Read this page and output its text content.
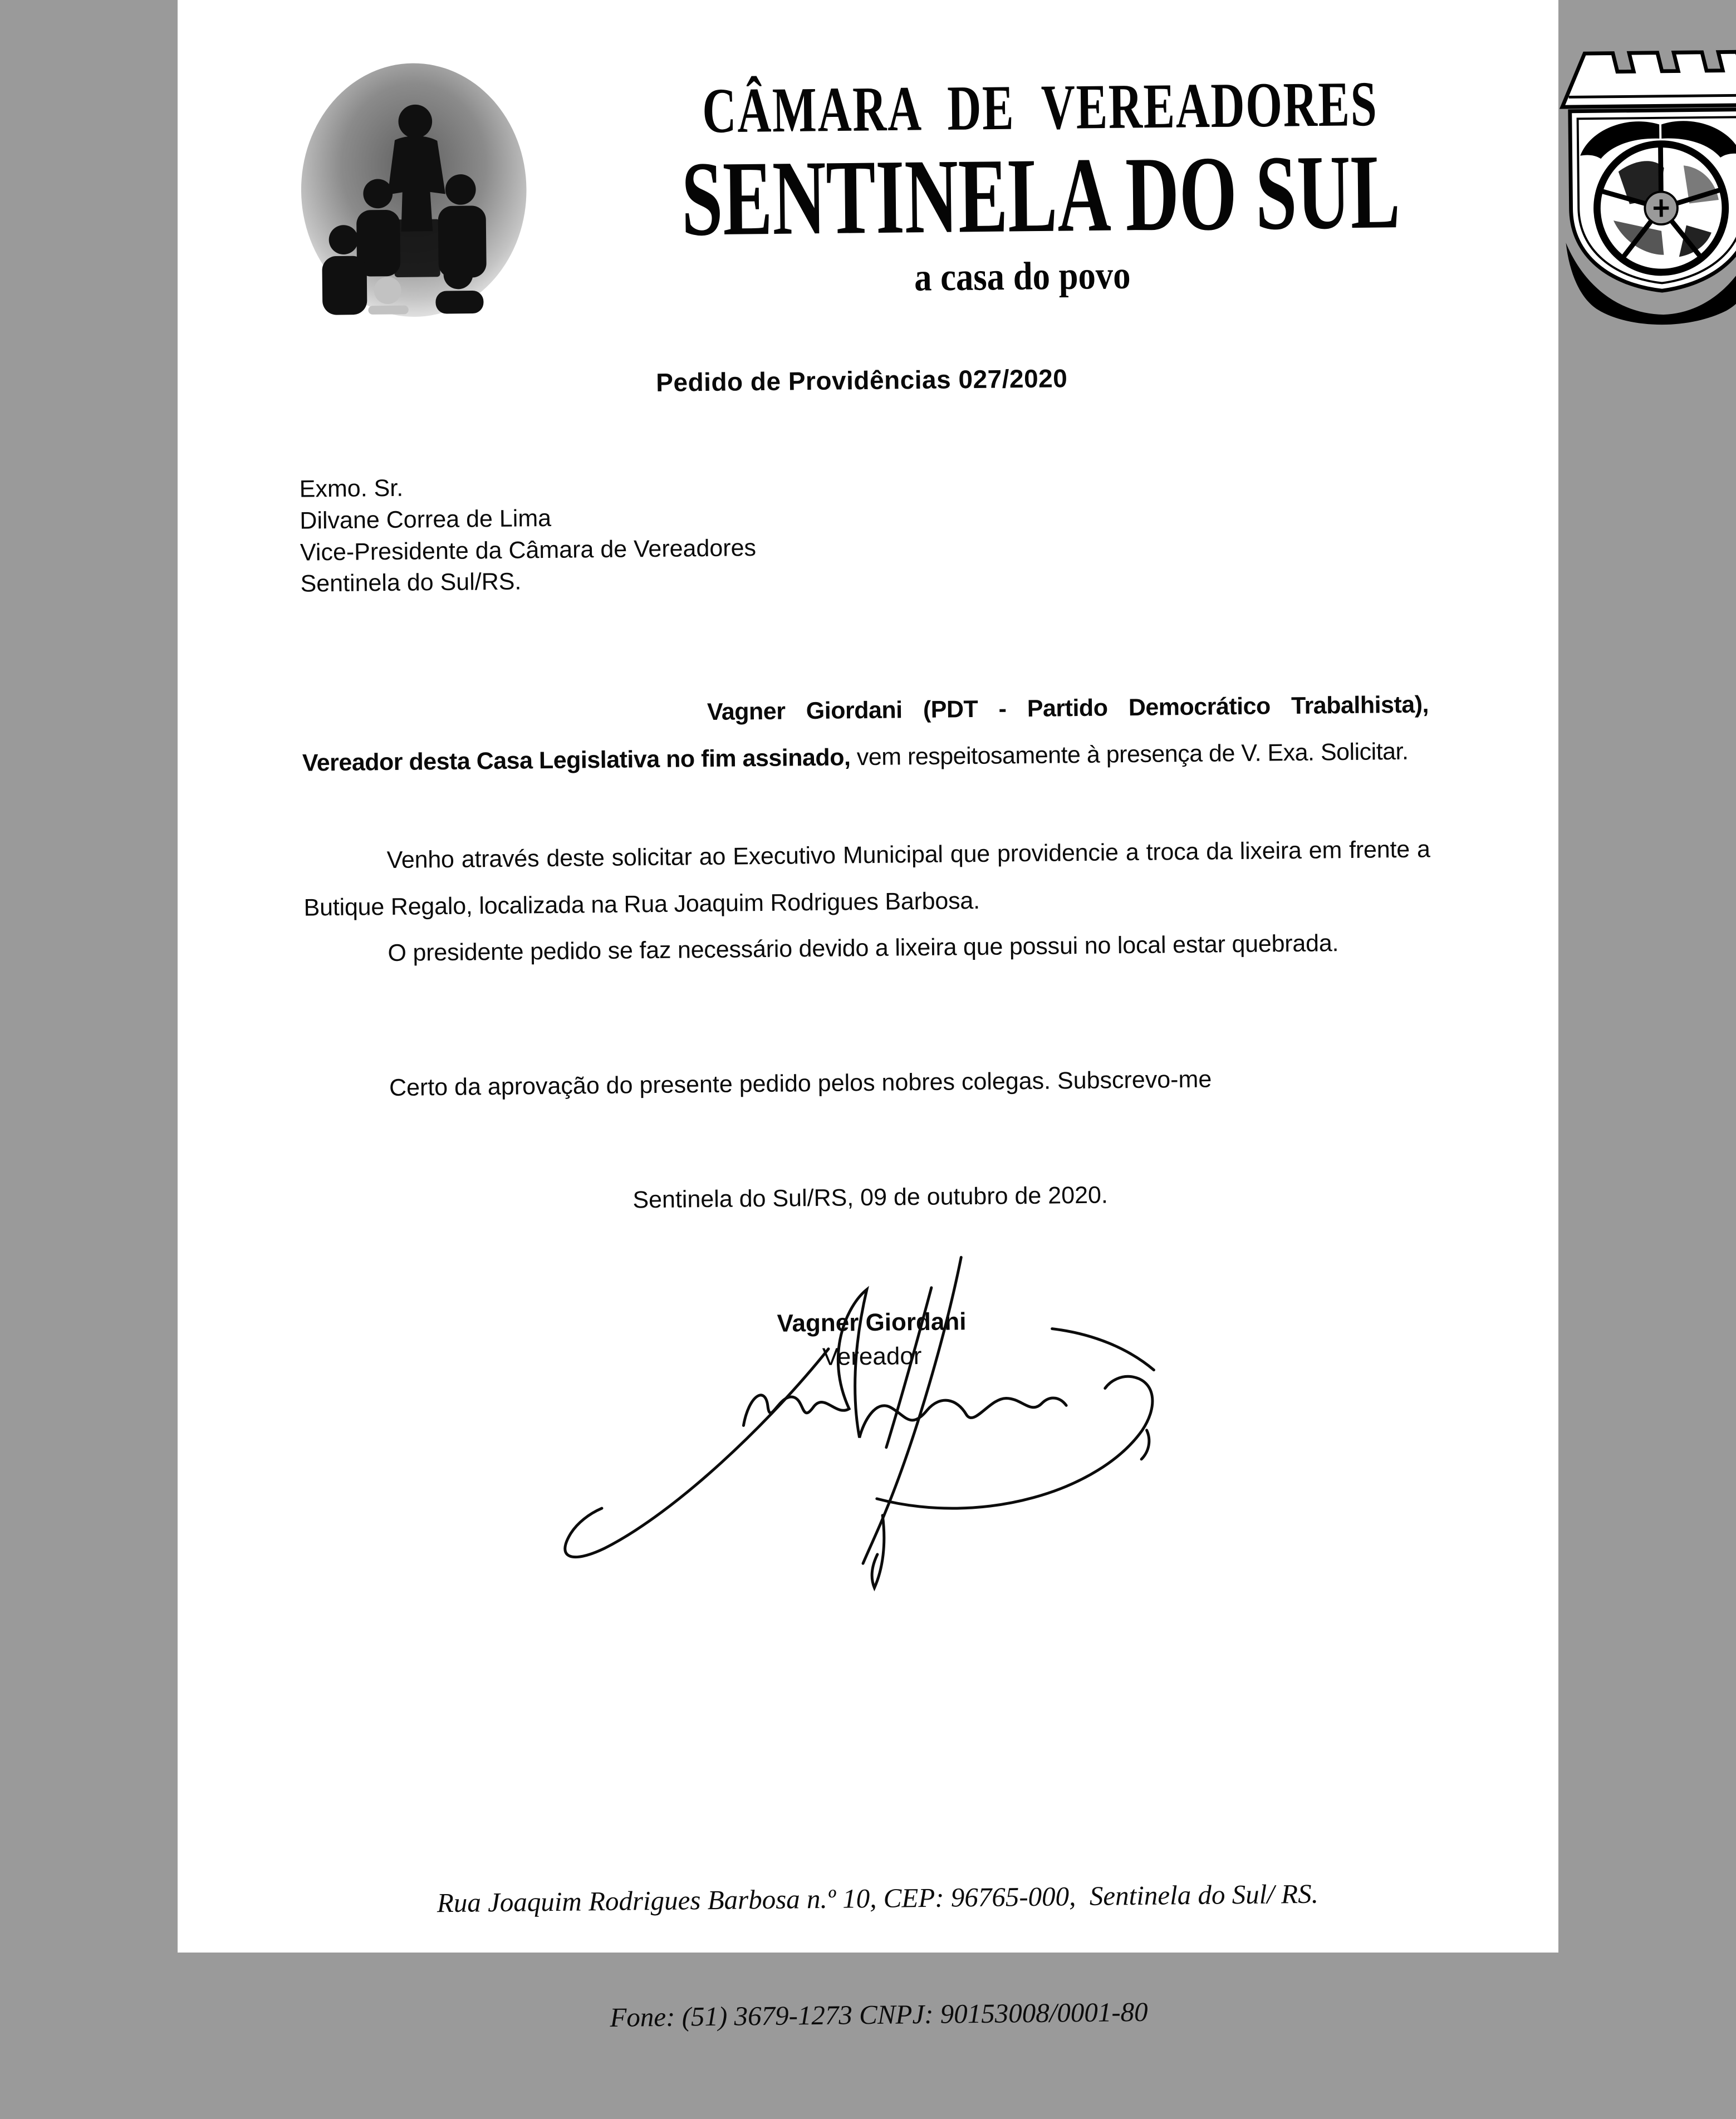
CÂMARA DE VEREADORES
SENTINELA DO SUL
a casa do povo
Pedido de Providências 027/2020
Exmo. Sr.
Dilvane Correa de Lima
Vice-Presidente da Câmara de Vereadores
Sentinela do Sul/RS.

Vagner Giordani (PDT - Partido Democrático Trabalhista), Vereador desta Casa Legislativa no fim assinado, vem respeitosamente à presença de V. Exa. Solicitar.

Venho através deste solicitar ao Executivo Municipal que providencie a troca da lixeira em frente a Butique Regalo, localizada na Rua Joaquim Rodrigues Barbosa.

O presidente pedido se faz necessário devido a lixeira que possui no local estar quebrada.

Certo da aprovação do presente pedido pelos nobres colegas. Subscrevo-me

Sentinela do Sul/RS, 09 de outubro de 2020.

Vagner Giordani
Vereador

Rua Joaquim Rodrigues Barbosa n.º 10, CEP: 96765-000,  Sentinela do Sul/ RS.

Fone: (51) 3679-1273 CNPJ: 90153008/0001-80
